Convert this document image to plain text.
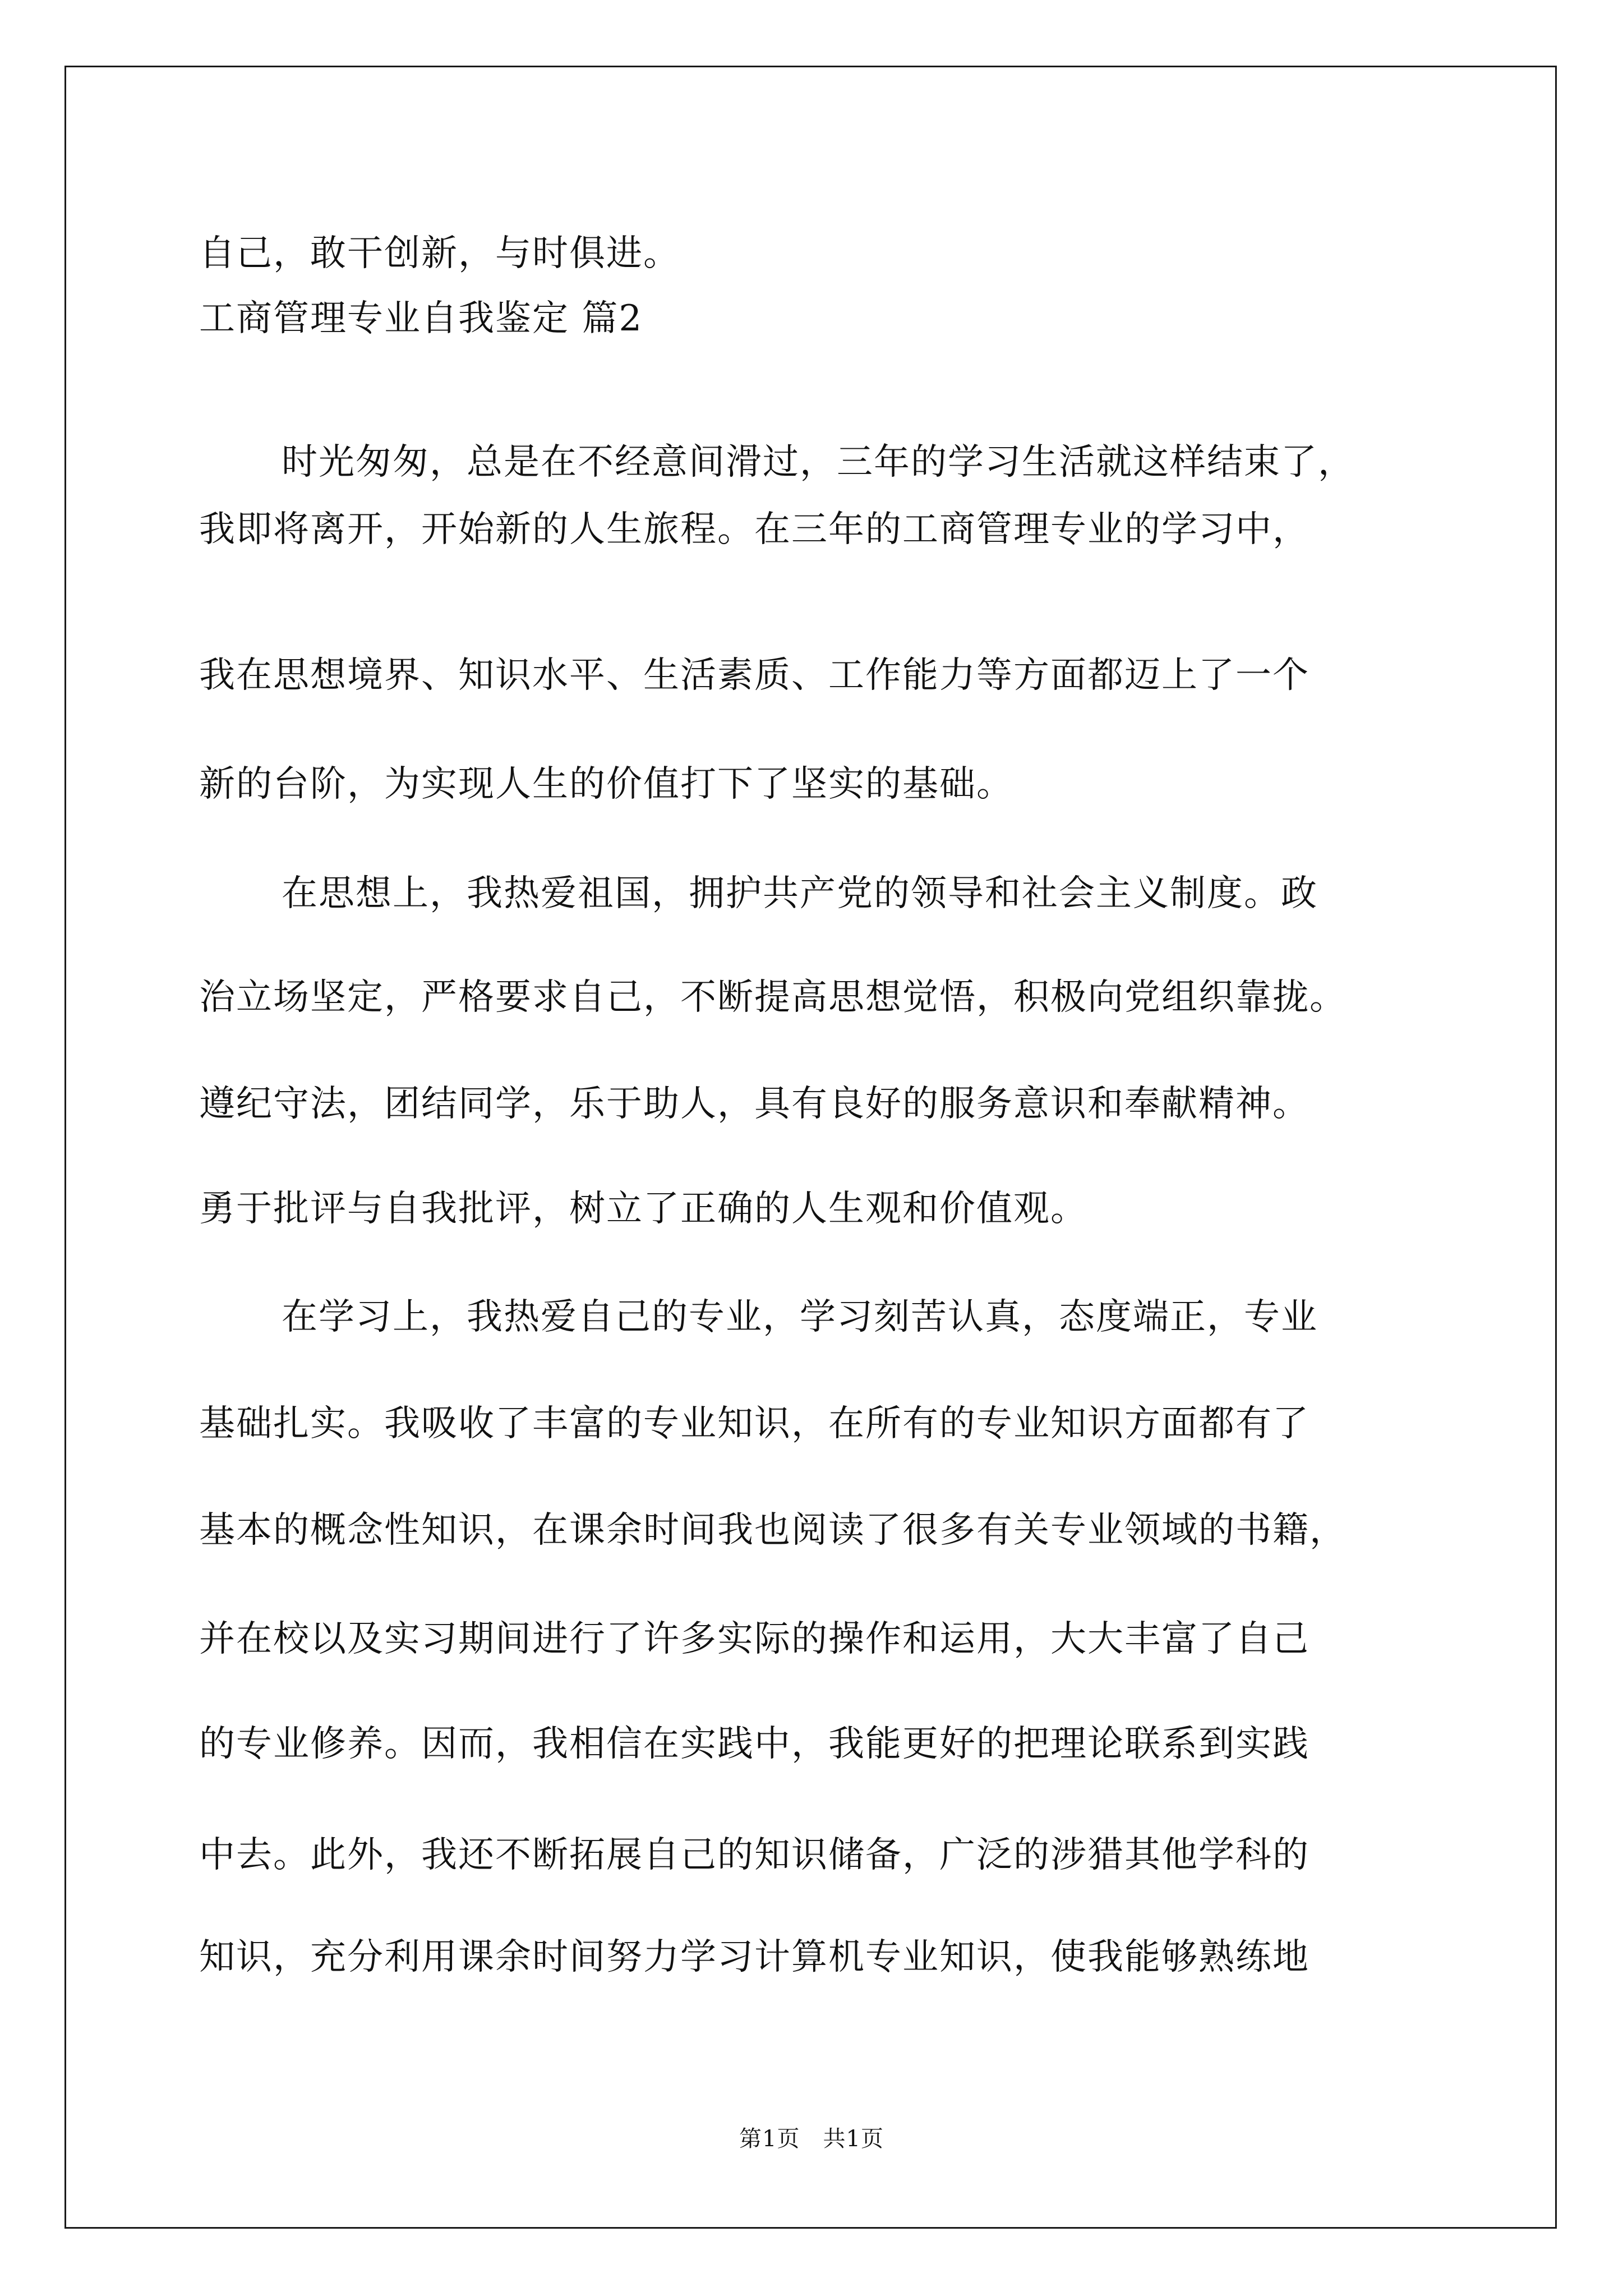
自己，敢干创新，与时俱进。
工商管理专业自我鉴定 篇2
时光匆匆，总是在不经意间滑过，三年的学习生活就这样结束了，
我即将离开，开始新的人生旅程。在三年的工商管理专业的学习中，
我在思想境界、知识水平、生活素质、工作能力等方面都迈上了一个
新的台阶，为实现人生的价值打下了坚实的基础。
在思想上，我热爱祖国，拥护共产党的领导和社会主义制度。政
治立场坚定，严格要求自己，不断提高思想觉悟，积极向党组织靠拢。
遵纪守法，团结同学，乐于助人，具有良好的服务意识和奉献精神。
勇于批评与自我批评，树立了正确的人生观和价值观。
在学习上，我热爱自己的专业，学习刻苦认真，态度端正，专业
基础扎实。我吸收了丰富的专业知识，在所有的专业知识方面都有了
基本的概念性知识，在课余时间我也阅读了很多有关专业领域的书籍，
并在校以及实习期间进行了许多实际的操作和运用，大大丰富了自己
的专业修养。因而，我相信在实践中，我能更好的把理论联系到实践
中去。此外，我还不断拓展自己的知识储备，广泛的涉猎其他学科的
知识，充分利用课余时间努力学习计算机专业知识，使我能够熟练地
第1页　共1页
